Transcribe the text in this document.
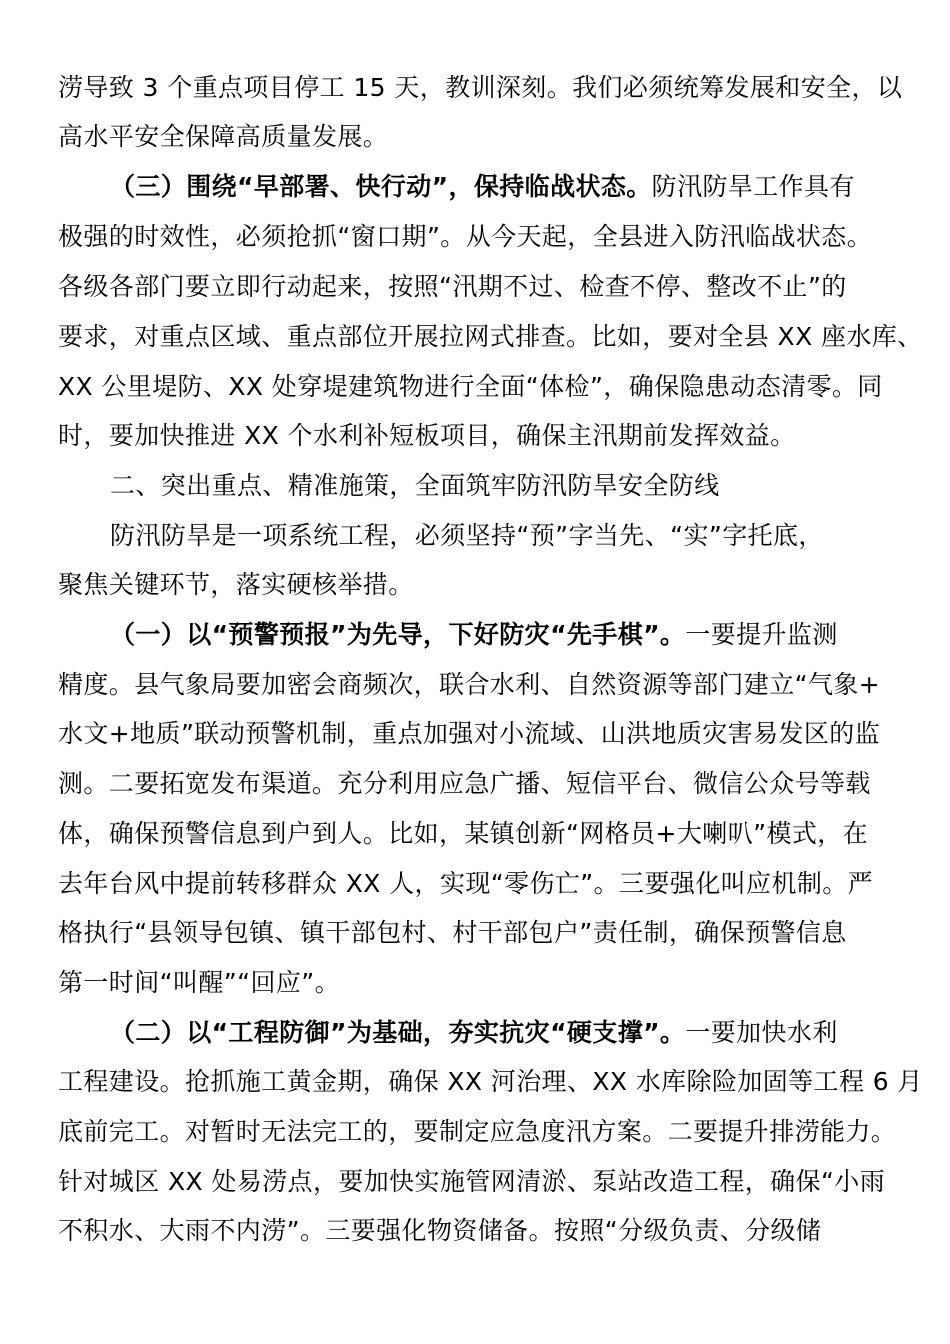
涝导致 3 个重点项目停工 15 天，教训深刻。我们必须统筹发展和安全，以
高水平安全保障高质量发展。
（三）围绕“早部署、快行动”，保持临战状态。防汛防旱工作具有
极强的时效性，必须抢抓“窗口期”。从今天起，全县进入防汛临战状态。
各级各部门要立即行动起来，按照“汛期不过、检查不停、整改不止”的
要求，对重点区域、重点部位开展拉网式排查。比如，要对全县 XX 座水库、
XX 公里堤防、XX 处穿堤建筑物进行全面“体检”，确保隐患动态清零。同
时，要加快推进 XX 个水利补短板项目，确保主汛期前发挥效益。
二、突出重点、精准施策，全面筑牢防汛防旱安全防线
防汛防旱是一项系统工程，必须坚持“预”字当先、“实”字托底，
聚焦关键环节，落实硬核举措。
（一）以“预警预报”为先导，下好防灾“先手棋”。一要提升监测
精度。县气象局要加密会商频次，联合水利、自然资源等部门建立“气象+
水文+地质”联动预警机制，重点加强对小流域、山洪地质灾害易发区的监
测。二要拓宽发布渠道。充分利用应急广播、短信平台、微信公众号等载
体，确保预警信息到户到人。比如，某镇创新“网格员+大喇叭”模式，在
去年台风中提前转移群众 XX 人，实现“零伤亡”。三要强化叫应机制。严
格执行“县领导包镇、镇干部包村、村干部包户”责任制，确保预警信息
第一时间“叫醒”“回应”。
（二）以“工程防御”为基础，夯实抗灾“硬支撑”。一要加快水利
工程建设。抢抓施工黄金期，确保 XX 河治理、XX 水库除险加固等工程 6 月
底前完工。对暂时无法完工的，要制定应急度汛方案。二要提升排涝能力。
针对城区 XX 处易涝点，要加快实施管网清淤、泵站改造工程，确保“小雨
不积水、大雨不内涝”。三要强化物资储备。按照“分级负责、分级储
